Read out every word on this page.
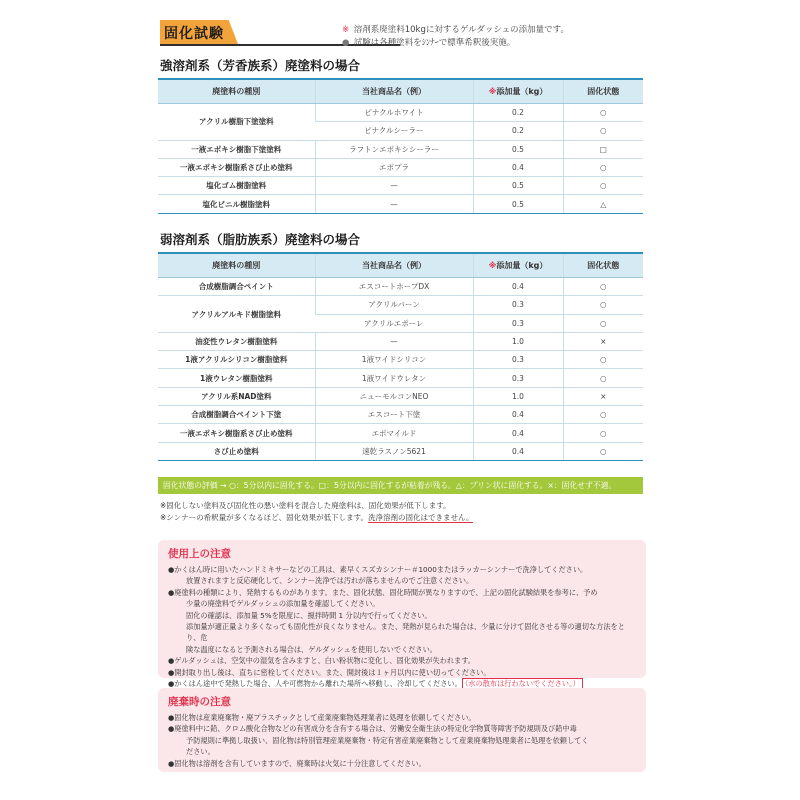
固化試験	※ 溶剤系廃塗料10kgに対するゲルダッシュの添加量です。
● 試験は各種塗料をｼﾝﾅｰで標準希釈後実施。
強溶剤系（芳香族系）廃塗料の場合
廃塗料の種別	当社商品名（例）	※添加量（kg）	固化状態
アクリル樹脂下塗塗料	ピナクルホワイト	0.2	○
	ピナクルシーラー	0.2	○
一液エポキシ樹脂下塗塗料	ラフトンエポキシシーラー	0.5	□
一液エポキシ樹脂系さび止め塗料	エポプラ	0.4	○
塩化ゴム樹脂塗料	—	0.5	○
塩化ビニル樹脂塗料	—	0.5	△
弱溶剤系（脂肪族系）廃塗料の場合
廃塗料の種別	当社商品名（例）	※添加量（kg）	固化状態
合成樹脂調合ペイント	エスコートホープDX	0.4	○
アクリルアルキド樹脂塗料	アクリルバーン	0.3	○
	アクリルエポーレ	0.3	○
油変性ウレタン樹脂塗料	—	1.0	×
1液アクリルシリコン樹脂塗料	1液ワイドシリコン	0.3	○
1液ウレタン樹脂塗料	1液ワイドウレタン	0.3	○
アクリル系NAD塗料	ニューモルコンNEO	1.0	×
合成樹脂調合ペイント下塗	エスコート下塗	0.4	○
一液エポキシ樹脂系さび止め塗料	エポマイルド	0.4	○
さび止め塗料	速乾ラスノン5621	0.4	○
固化状態の評価 → ○：5分以内に固化する。□：5分以内に固化するが粘着が残る。△：プリン状に固化する。×：固化せず不適。
※固化しない塗料及び固化性の悪い塗料を混合した廃塗料は、固化効果が低下します。
※シンナーの希釈量が多くなるほど、固化効果が低下します。洗浄溶剤の固化はできません。
使用上の注意

●かくはん時に用いたハンドミキサーなどの工具は、素早くスズカシンナー＃1000またはラッカーシンナーで洗浄してください。

放置されますと反応硬化して、シンナー洗浄では汚れが落ちませんのでご注意ください。

●廃塗料の種類により、発熱するものがあります。また、固化状態、固化時間が異なりますので、上記の固化試験結果を参考に、予め

少量の廃塗料でゲルダッシュの添加量を確認してください。

固化の確認は、添加量 5%を限度に、撹拌時間 1 分以内で行ってください。

添加量が適正量より多くなっても固化性が良くなりません。また、発熱が見られた場合は、少量に分けて固化させる等の適切な方法をとり、危

険な温度になると予測される場合は、ゲルダッシュを使用しないでください。

●ゲルダッシュは、空気中の湿気を含みますと、白い粉状物に変化し、固化効果が失われます。

●開封取り出し後は、直ちに密栓してください。また、開封後は１ヶ月以内に使い切ってください。

●かくはん途中で発熱した場合、人や可燃物から離れた場所へ移動し、冷却してください。 （水の散布は行わないでください。）

廃棄時の注意

●固化物は産業廃棄物・廃プラスチックとして産業廃棄物処理業者に処理を依頼してください。

●廃塗料中に鉛、クロム酸化合物などの有害成分を含有する場合は、労働安全衛生法の特定化学物質等障害予防規則及び鉛中毒

予防規則に準拠し取扱い、固化物は特別管理産業廃棄物・特定有害産業廃棄物として産業廃棄物処理業者に処理を依頼してく

ださい。

●固化物は溶剤を含有していますので、廃棄時は火気に十分注意してください。
